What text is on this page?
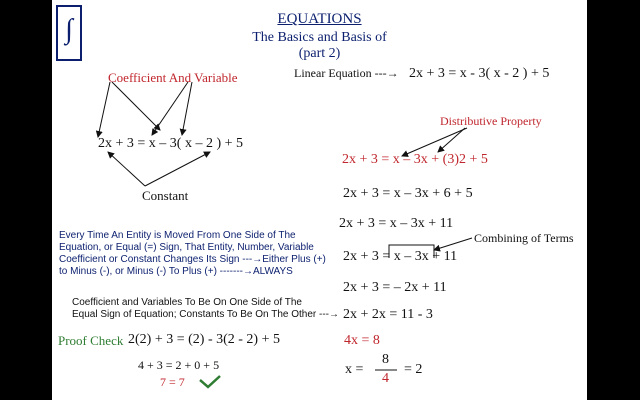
∫	EQUATIONS
The Basics and Basis of
(part 2)
Coefficient And Variable
2x + 3 = x – 3( x – 2 ) + 5
Constant
Every Time An Entity is Moved From One Side of The
Equation, or Equal (=) Sign, That Entity, Number, Variable
Coefficient or Constant Changes Its Sign ---→Either Plus (+)
to Minus (-), or Minus (-) To Plus (+) -------→ALWAYS
Coefficient and Variables To Be On One Side of The
Equal Sign of Equation; Constants To Be On The Other ---→
Proof Check 2(2) + 3 = (2) - 3(2 - 2) + 5
4 + 3 = 2 + 0 + 5
7 = 7
Linear Equation ---→ 2x + 3 = x - 3( x - 2 ) + 5
Distributive Property
2x + 3 = x – 3x + (3)2 + 5
2x + 3 = x – 3x + 6 + 5
2x + 3 = x – 3x + 11
Combining of Terms
2x + 3 = x – 3x + 11
2x + 3 = – 2x + 11
2x + 2x = 11 - 3
4x = 8
x =
8
4
= 2
